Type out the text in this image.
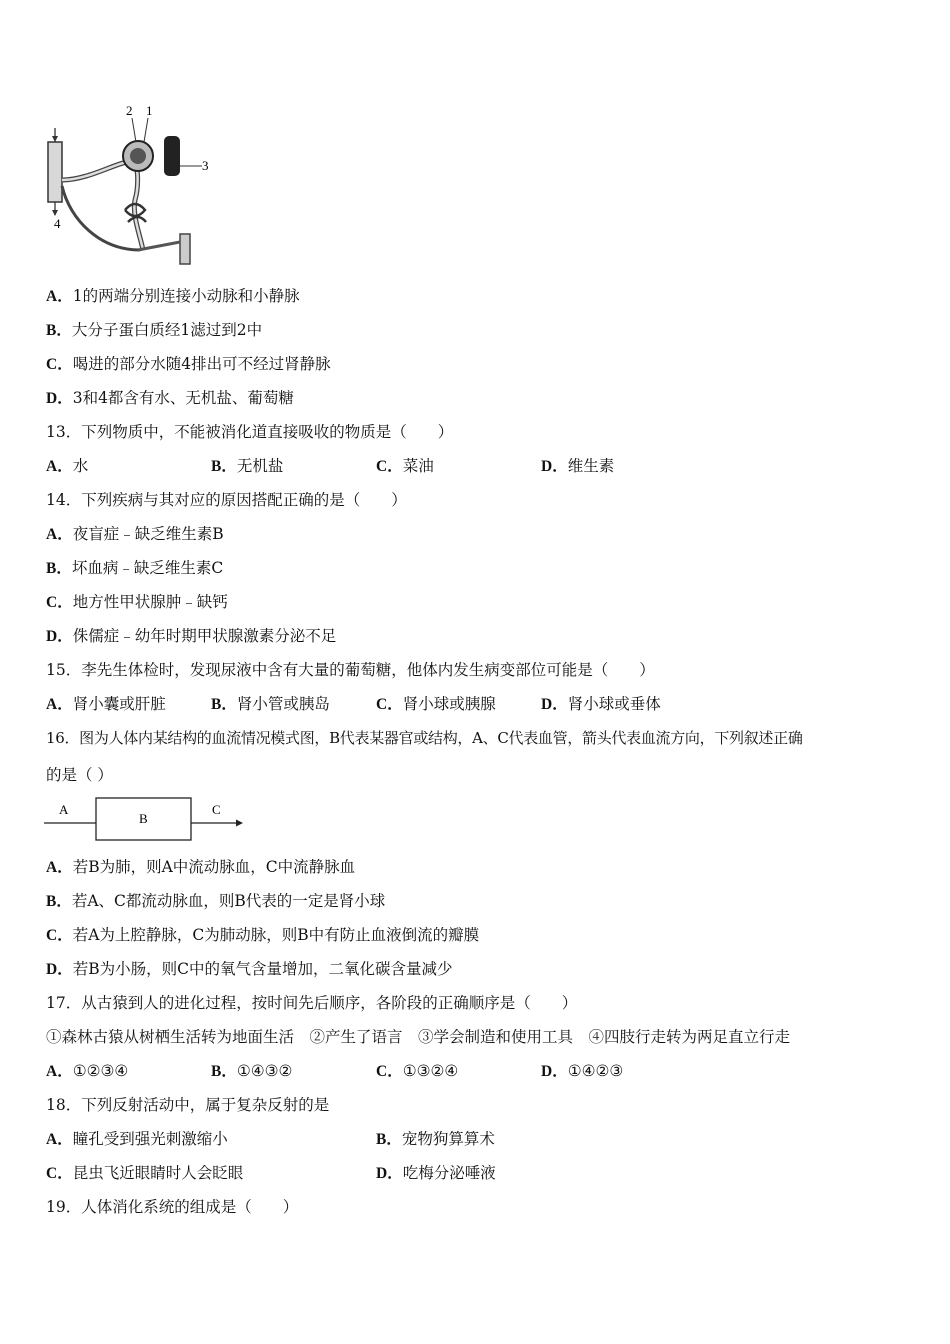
2 1
3
4
A．1的两端分别连接小动脉和小静脉
B．大分子蛋白质经1滤过到2中
C．喝进的部分水随4排出可不经过肾静脉
D．3和4都含有水、无机盐、葡萄糖
13．下列物质中，不能被消化道直接吸收的物质是（　　）
A．水	B．无机盐	C．菜油	D．维生素
14．下列疾病与其对应的原因搭配正确的是（　　）
A．夜盲症﹣缺乏维生素B
B．坏血病﹣缺乏维生素C
C．地方性甲状腺肿﹣缺钙
D．侏儒症﹣幼年时期甲状腺激素分泌不足
15．李先生体检时，发现尿液中含有大量的葡萄糖，他体内发生病变部位可能是（　　）
A．肾小囊或肝脏	B．肾小管或胰岛	C．肾小球或胰腺	D．肾小球或垂体
16．图为人体内某结构的血流情况模式图，B代表某器官或结构，A、C代表血管，箭头代表血流方向，下列叙述正确
的是（ ）
A
B
C
A．若B为肺，则A中流动脉血，C中流静脉血
B．若A、C都流动脉血，则B代表的一定是肾小球
C．若A为上腔静脉，C为肺动脉，则B中有防止血液倒流的瓣膜
D．若B为小肠，则C中的氧气含量增加，二氧化碳含量减少
17．从古猿到人的进化过程，按时间先后顺序，各阶段的正确顺序是（　　）
①森林古猿从树栖生活转为地面生活　②产生了语言　③学会制造和使用工具　④四肢行走转为两足直立行走
A．①②③④	B．①④③②	C．①③②④	D．①④②③
18．下列反射活动中，属于复杂反射的是
A．瞳孔受到强光刺激缩小	B．宠物狗算算术
C．昆虫飞近眼睛时人会眨眼	D．吃梅分泌唾液
19．人体消化系统的组成是（　　）
